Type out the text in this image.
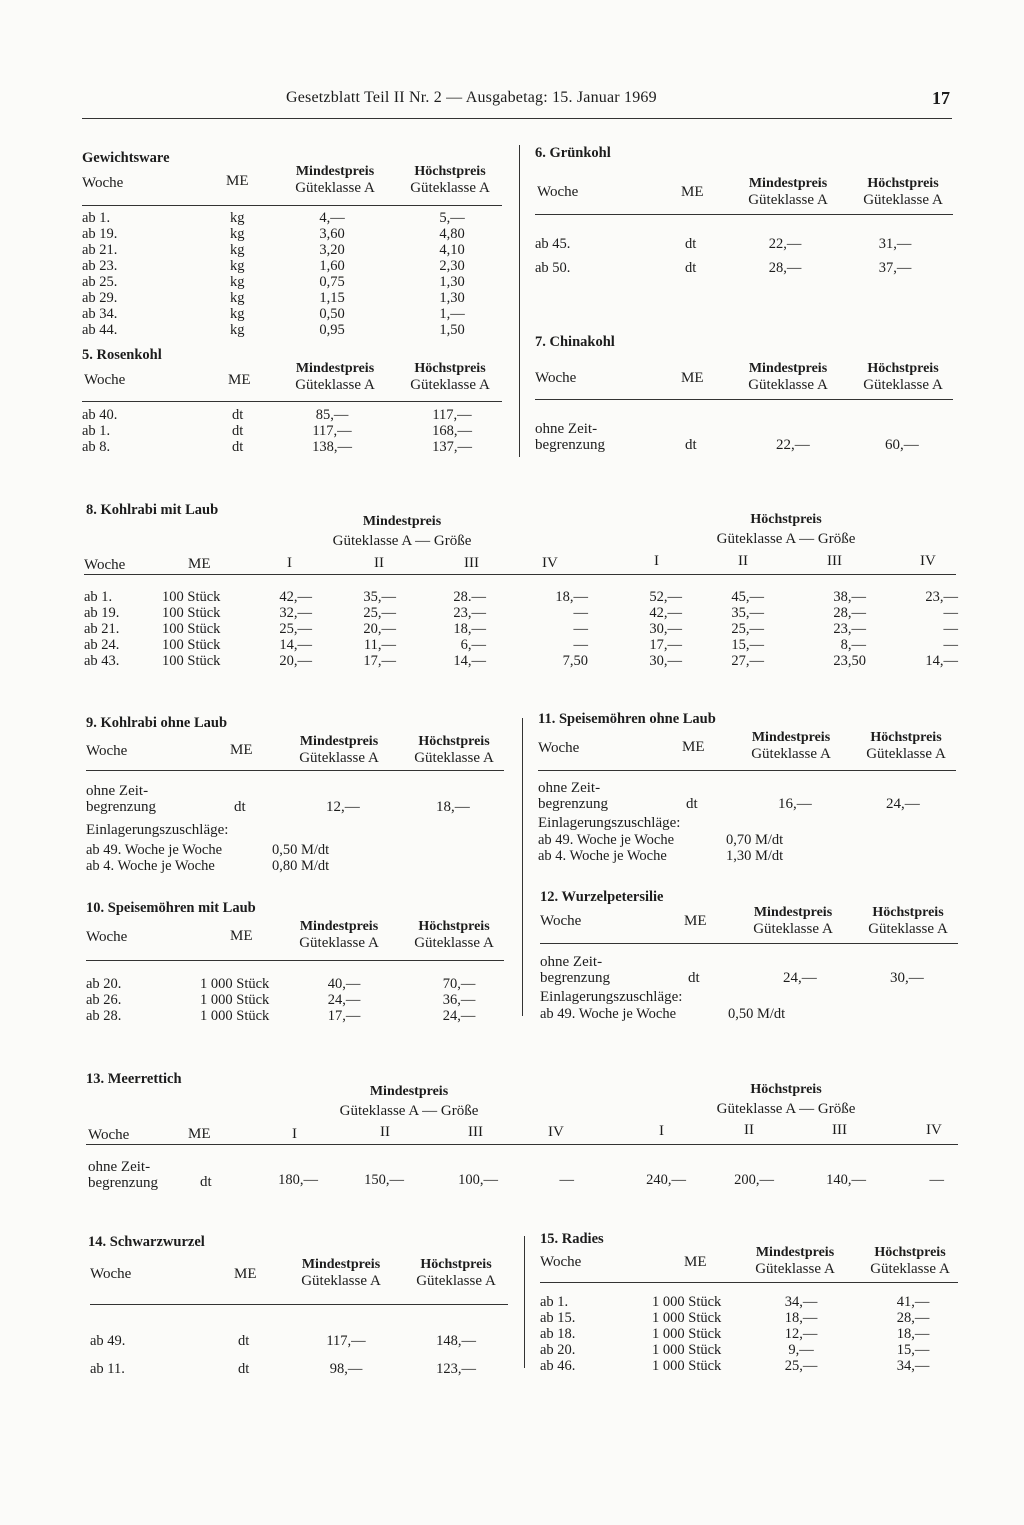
Gesetzblatt Teil II Nr. 2 — Ausgabetag: 15. Januar 1969	17
Gewichtsware
Woche	ME
Mindestpreis
Güteklasse A
Höchstpreis
Güteklasse A
ab 1.	kg	4,—	5,—
ab 19.	kg	3,60	4,80
ab 21.	kg	3,20	4,10
ab 23.	kg	1,60	2,30
ab 25.	kg	0,75	1,30
ab 29.	kg	1,15	1,30
ab 34.	kg	0,50	1,—
ab 44.	kg	0,95	1,50
5. Rosenkohl
Woche	ME
Mindestpreis
Güteklasse A
Höchstpreis
Güteklasse A
ab 40.	dt	85,—	117,—
ab 1.	dt	117,—	168,—
ab 8.	dt	138,—	137,—
6. Grünkohl
Woche	ME
Mindestpreis
Güteklasse A
Höchstpreis
Güteklasse A
ab 45.	dt	22,—	31,—
ab 50.	dt	28,—	37,—
7. Chinakohl
Woche	ME
Mindestpreis
Güteklasse A
Höchstpreis
Güteklasse A
ohne Zeit-
begrenzung	dt	22,—	60,—
8. Kohlrabi mit Laub
Mindestpreis
Güteklasse A — Größe
Höchstpreis
Güteklasse A — Größe
Woche	ME	I	II	III	IV	I	II	III	IV
ab 1.	100 Stück	42,—	35,—	28.—	18,—	52,—	45,—	38,—	23,—
ab 19.	100 Stück	32,—	25,—	23,—	—	42,—	35,—	28,—	—
ab 21.	100 Stück	25,—	20,—	18,—	—	30,—	25,—	23,—	—
ab 24.	100 Stück	14,—	11,—	6,—	—	17,—	15,—	8,—	—
ab 43.	100 Stück	20,—	17,—	14,—	7,50	30,—	27,—	23,50	14,—
9. Kohlrabi ohne Laub
Woche	ME
Mindestpreis
Güteklasse A
Höchstpreis
Güteklasse A
ohne Zeit-
begrenzung	dt	12,—	18,—
Einlagerungszuschläge:
ab 49. Woche je Woche	0,50 M/dt
ab 4. Woche je Woche	0,80 M/dt
10. Speisemöhren mit Laub
Woche	ME
Mindestpreis
Güteklasse A
Höchstpreis
Güteklasse A
ab 20.	1 000 Stück	40,—	70,—
ab 26.	1 000 Stück	24,—	36,—
ab 28.	1 000 Stück	17,—	24,—
11. Speisemöhren ohne Laub
Woche	ME
Mindestpreis
Güteklasse A
Höchstpreis
Güteklasse A
ohne Zeit-
begrenzung	dt	16,—	24,—
Einlagerungszuschläge:
ab 49. Woche je Woche	0,70 M/dt
ab 4. Woche je Woche	1,30 M/dt
12. Wurzelpetersilie
Woche	ME
Mindestpreis
Güteklasse A
Höchstpreis
Güteklasse A
ohne Zeit-
begrenzung	dt	24,—	30,—
Einlagerungszuschläge:
ab 49. Woche je Woche	0,50 M/dt
13. Meerrettich
Mindestpreis
Güteklasse A — Größe
Höchstpreis
Güteklasse A — Größe
Woche	ME	I	II	III	IV	I	II	III	IV
ohne Zeit-
begrenzung	dt	180,—	150,—	100,—	—	240,—	200,—	140,—	—
14. Schwarzwurzel
Woche	ME
Mindestpreis
Güteklasse A
Höchstpreis
Güteklasse A
ab 49.	dt	117,—	148,—
ab 11.	dt	98,—	123,—
15. Radies
Woche	ME
Mindestpreis
Güteklasse A
Höchstpreis
Güteklasse A
ab 1.	1 000 Stück	34,—	41,—
ab 15.	1 000 Stück	18,—	28,—
ab 18.	1 000 Stück	12,—	18,—
ab 20.	1 000 Stück	9,—	15,—
ab 46.	1 000 Stück	25,—	34,—
